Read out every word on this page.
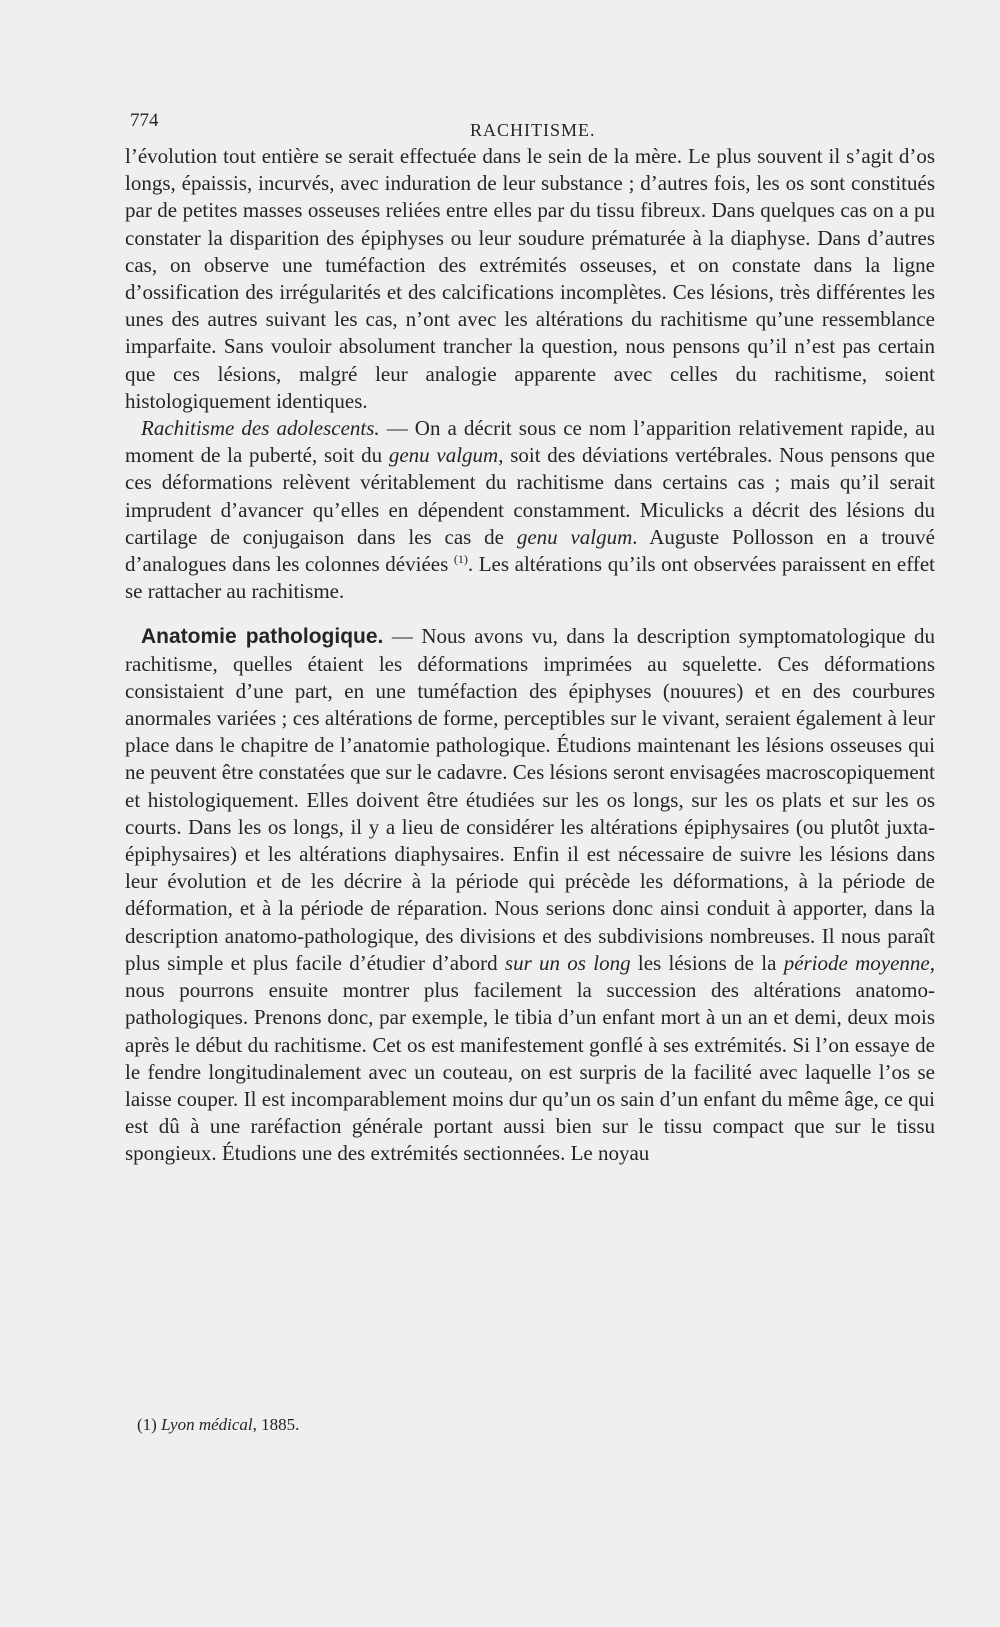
774	RACHITISME.

l’évolution tout entière se serait effectuée dans le sein de la mère. Le plus souvent il s’agit d’os longs, épaissis, incurvés, avec induration de leur substance ; d’autres fois, les os sont constitués par de petites masses osseuses reliées entre elles par du tissu fibreux. Dans quelques cas on a pu constater la disparition des épiphyses ou leur soudure prématurée à la diaphyse. Dans d’autres cas, on observe une tuméfaction des extrémités osseuses, et on constate dans la ligne d’ossification des irrégularités et des calcifications incomplètes. Ces lésions, très différentes les unes des autres suivant les cas, n’ont avec les altérations du rachitisme qu’une ressemblance imparfaite. Sans vouloir absolument trancher la question, nous pensons qu’il n’est pas certain que ces lésions, malgré leur analogie apparente avec celles du rachitisme, soient histologiquement identiques.

Rachitisme des adolescents. — On a décrit sous ce nom l’apparition relativement rapide, au moment de la puberté, soit du genu valgum, soit des déviations vertébrales. Nous pensons que ces déformations relèvent véritablement du rachitisme dans certains cas ; mais qu’il serait imprudent d’avancer qu’elles en dépendent constamment. Miculicks a décrit des lésions du cartilage de conjugaison dans les cas de genu valgum. Auguste Pollosson en a trouvé d’analogues dans les colonnes déviées $^{(1)}$. Les altérations qu’ils ont observées paraissent en effet se rattacher au rachitisme.

Anatomie pathologique. — Nous avons vu, dans la description symptomatologique du rachitisme, quelles étaient les déformations imprimées au squelette. Ces déformations consistaient d’une part, en une tuméfaction des épiphyses (nouures) et en des courbures anormales variées ; ces altérations de forme, perceptibles sur le vivant, seraient également à leur place dans le chapitre de l’anatomie pathologique. Étudions maintenant les lésions osseuses qui ne peuvent être constatées que sur le cadavre. Ces lésions seront envisagées macroscopiquement et histologiquement. Elles doivent être étudiées sur les os longs, sur les os plats et sur les os courts. Dans les os longs, il y a lieu de considérer les altérations épiphysaires (ou plutôt juxta-épiphysaires) et les altérations diaphysaires. Enfin il est nécessaire de suivre les lésions dans leur évolution et de les décrire à la période qui précède les déformations, à la période de déformation, et à la période de réparation. Nous serions donc ainsi conduit à apporter, dans la description anatomo-pathologique, des divisions et des subdivisions nombreuses. Il nous paraît plus simple et plus facile d’étudier d’abord sur un os long les lésions de la période moyenne, nous pourrons ensuite montrer plus facilement la succession des altérations anatomo-pathologiques. Prenons donc, par exemple, le tibia d’un enfant mort à un an et demi, deux mois après le début du rachitisme. Cet os est manifestement gonflé à ses extrémités. Si l’on essaye de le fendre longitudinalement avec un couteau, on est surpris de la facilité avec laquelle l’os se laisse couper. Il est incomparablement moins dur qu’un os sain d’un enfant du même âge, ce qui est dû à une raréfaction générale portant aussi bien sur le tissu compact que sur le tissu spongieux. Étudions une des extrémités sectionnées. Le noyau

(1) Lyon médical, 1885.
